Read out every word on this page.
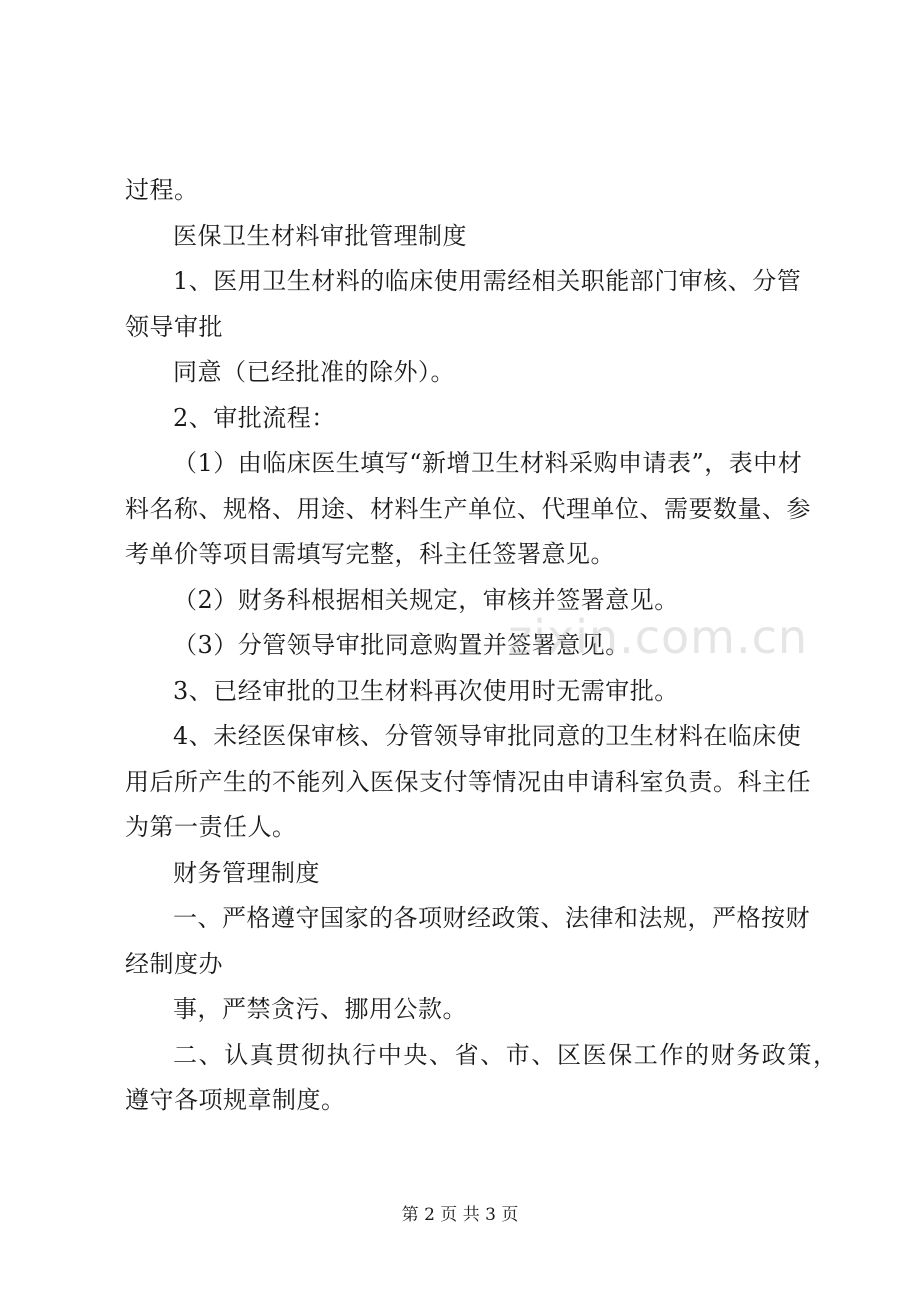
过程。
医保卫生材料审批管理制度
1、医用卫生材料的临床使用需经相关职能部门审核、分管
领导审批
同意（已经批准的除外）。
2、审批流程：
（1）由临床医生填写“新增卫生材料采购申请表”，表中材
料名称、规格、用途、材料生产单位、代理单位、需要数量、参
考单价等项目需填写完整，科主任签署意见。
（2）财务科根据相关规定，审核并签署意见。
（3）分管领导审批同意购置并签署意见。
3、已经审批的卫生材料再次使用时无需审批。
4、未经医保审核、分管领导审批同意的卫生材料在临床使
用后所产生的不能列入医保支付等情况由申请科室负责。科主任
为第一责任人。
财务管理制度
一、严格遵守国家的各项财经政策、法律和法规，严格按财
经制度办
事，严禁贪污、挪用公款。
二、认真贯彻执行中央、省、市、区医保工作的财务政策，
遵守各项规章制度。
zixin.com.cn
第 2 页 共 3 页
